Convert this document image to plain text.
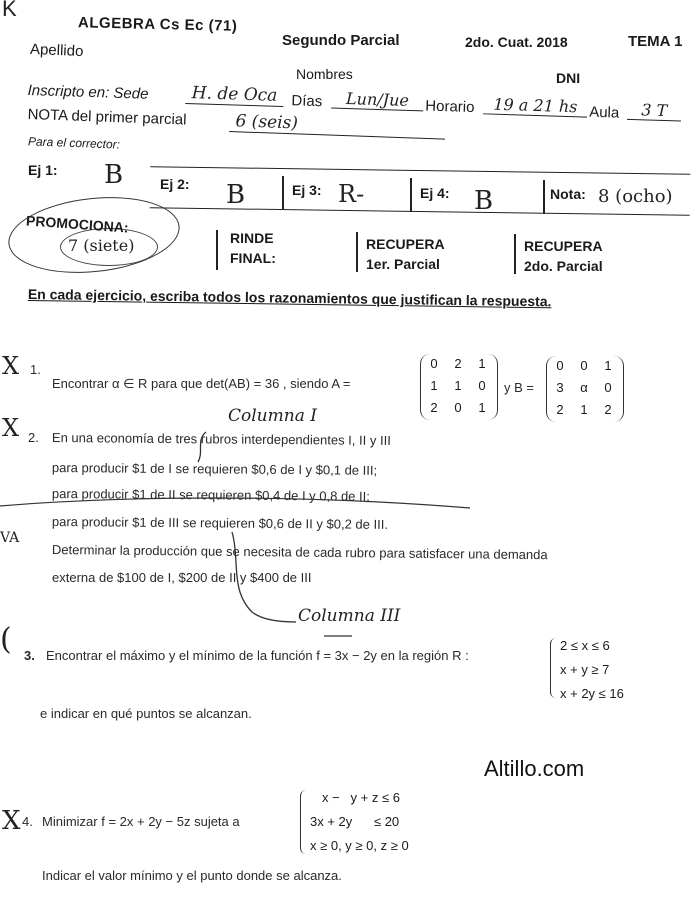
K
ALGEBRA Cs Ec (71)
Segundo Parcial	2do. Cuat. 2018	TEMA 1
Apellido
Nombres	DNI
Inscripto en: Sede	H. de Oca Días	Lun/Jue	Horario	19 a 21 hs Aula	3 T
NOTA del primer parcial	6 (seis)
Para el corrector:
Ej 1: B	Ej 2: B	Ej 3: R-	Ej 4: B	Nota: 8 (ocho)
PROMOCIONA:
7 (siete)	RINDE
FINAL:
RECUPERA
1er. Parcial
RECUPERA
2do. Parcial
En cada ejercicio, escriba todos los razonamientos que justifican la respuesta.
X 1.
Encontrar α ∈ R para que det(AB) = 36 , siendo A =
0 2 1
1 1 0
2 0 1
y B =
0 0 1
3 α 0
2 1 2
X	Columna I
2. En una economía de tres rubros interdependientes I, II y III
para producir $1 de I se requieren $0,6 de I y $0,1 de III;
para producir $1 de II se requieren $0,4 de I y 0,8 de II;
para producir $1 de III se requieren $0,6 de II y $0,2 de III.
VA
Determinar la producción que se necesita de cada rubro para satisfacer una demanda
externa de $100 de I, $200 de II y $400 de III
Columna III
( 3. Encontrar el máximo y el mínimo de la función f = 3x − 2y en la región R :
2 ≤ x ≤ 6
x + y ≥ 7
x + 2y ≤ 16
e indicar en qué puntos se alcanzan.
Altillo.com
X 4. Minimizar f = 2x + 2y − 5z sujeta a
x −   y + z ≤ 6
3x + 2y      ≤ 20
x ≥ 0, y ≥ 0, z ≥ 0
Indicar el valor mínimo y el punto donde se alcanza.
